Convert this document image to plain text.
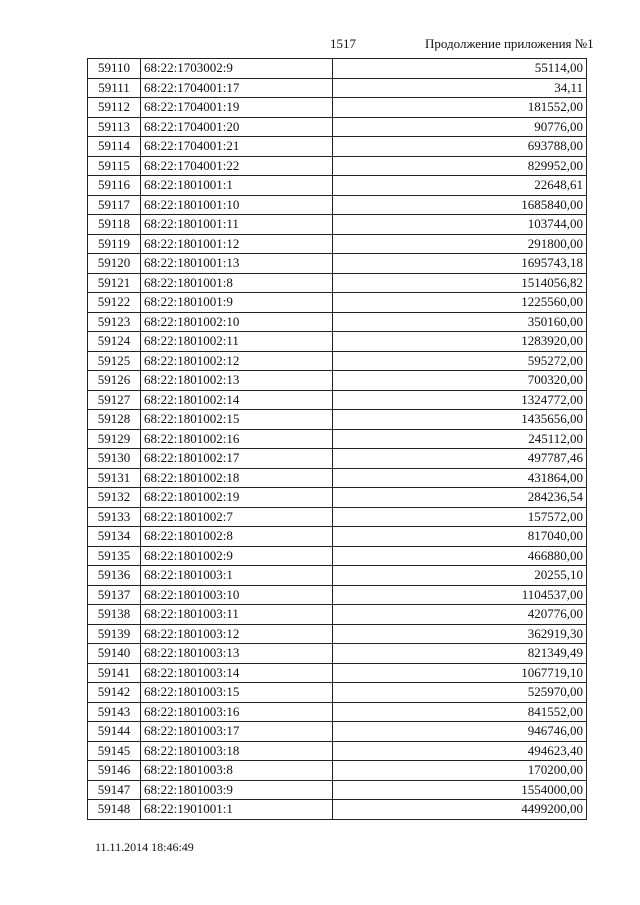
1517	Продолжение приложения №1
59110	68:22:1703002:9	55114,00
59111	68:22:1704001:17	34,11
59112	68:22:1704001:19	181552,00
59113	68:22:1704001:20	90776,00
59114	68:22:1704001:21	693788,00
59115	68:22:1704001:22	829952,00
59116	68:22:1801001:1	22648,61
59117	68:22:1801001:10	1685840,00
59118	68:22:1801001:11	103744,00
59119	68:22:1801001:12	291800,00
59120	68:22:1801001:13	1695743,18
59121	68:22:1801001:8	1514056,82
59122	68:22:1801001:9	1225560,00
59123	68:22:1801002:10	350160,00
59124	68:22:1801002:11	1283920,00
59125	68:22:1801002:12	595272,00
59126	68:22:1801002:13	700320,00
59127	68:22:1801002:14	1324772,00
59128	68:22:1801002:15	1435656,00
59129	68:22:1801002:16	245112,00
59130	68:22:1801002:17	497787,46
59131	68:22:1801002:18	431864,00
59132	68:22:1801002:19	284236,54
59133	68:22:1801002:7	157572,00
59134	68:22:1801002:8	817040,00
59135	68:22:1801002:9	466880,00
59136	68:22:1801003:1	20255,10
59137	68:22:1801003:10	1104537,00
59138	68:22:1801003:11	420776,00
59139	68:22:1801003:12	362919,30
59140	68:22:1801003:13	821349,49
59141	68:22:1801003:14	1067719,10
59142	68:22:1801003:15	525970,00
59143	68:22:1801003:16	841552,00
59144	68:22:1801003:17	946746,00
59145	68:22:1801003:18	494623,40
59146	68:22:1801003:8	170200,00
59147	68:22:1801003:9	1554000,00
59148	68:22:1901001:1	4499200,00
11.11.2014 18:46:49
